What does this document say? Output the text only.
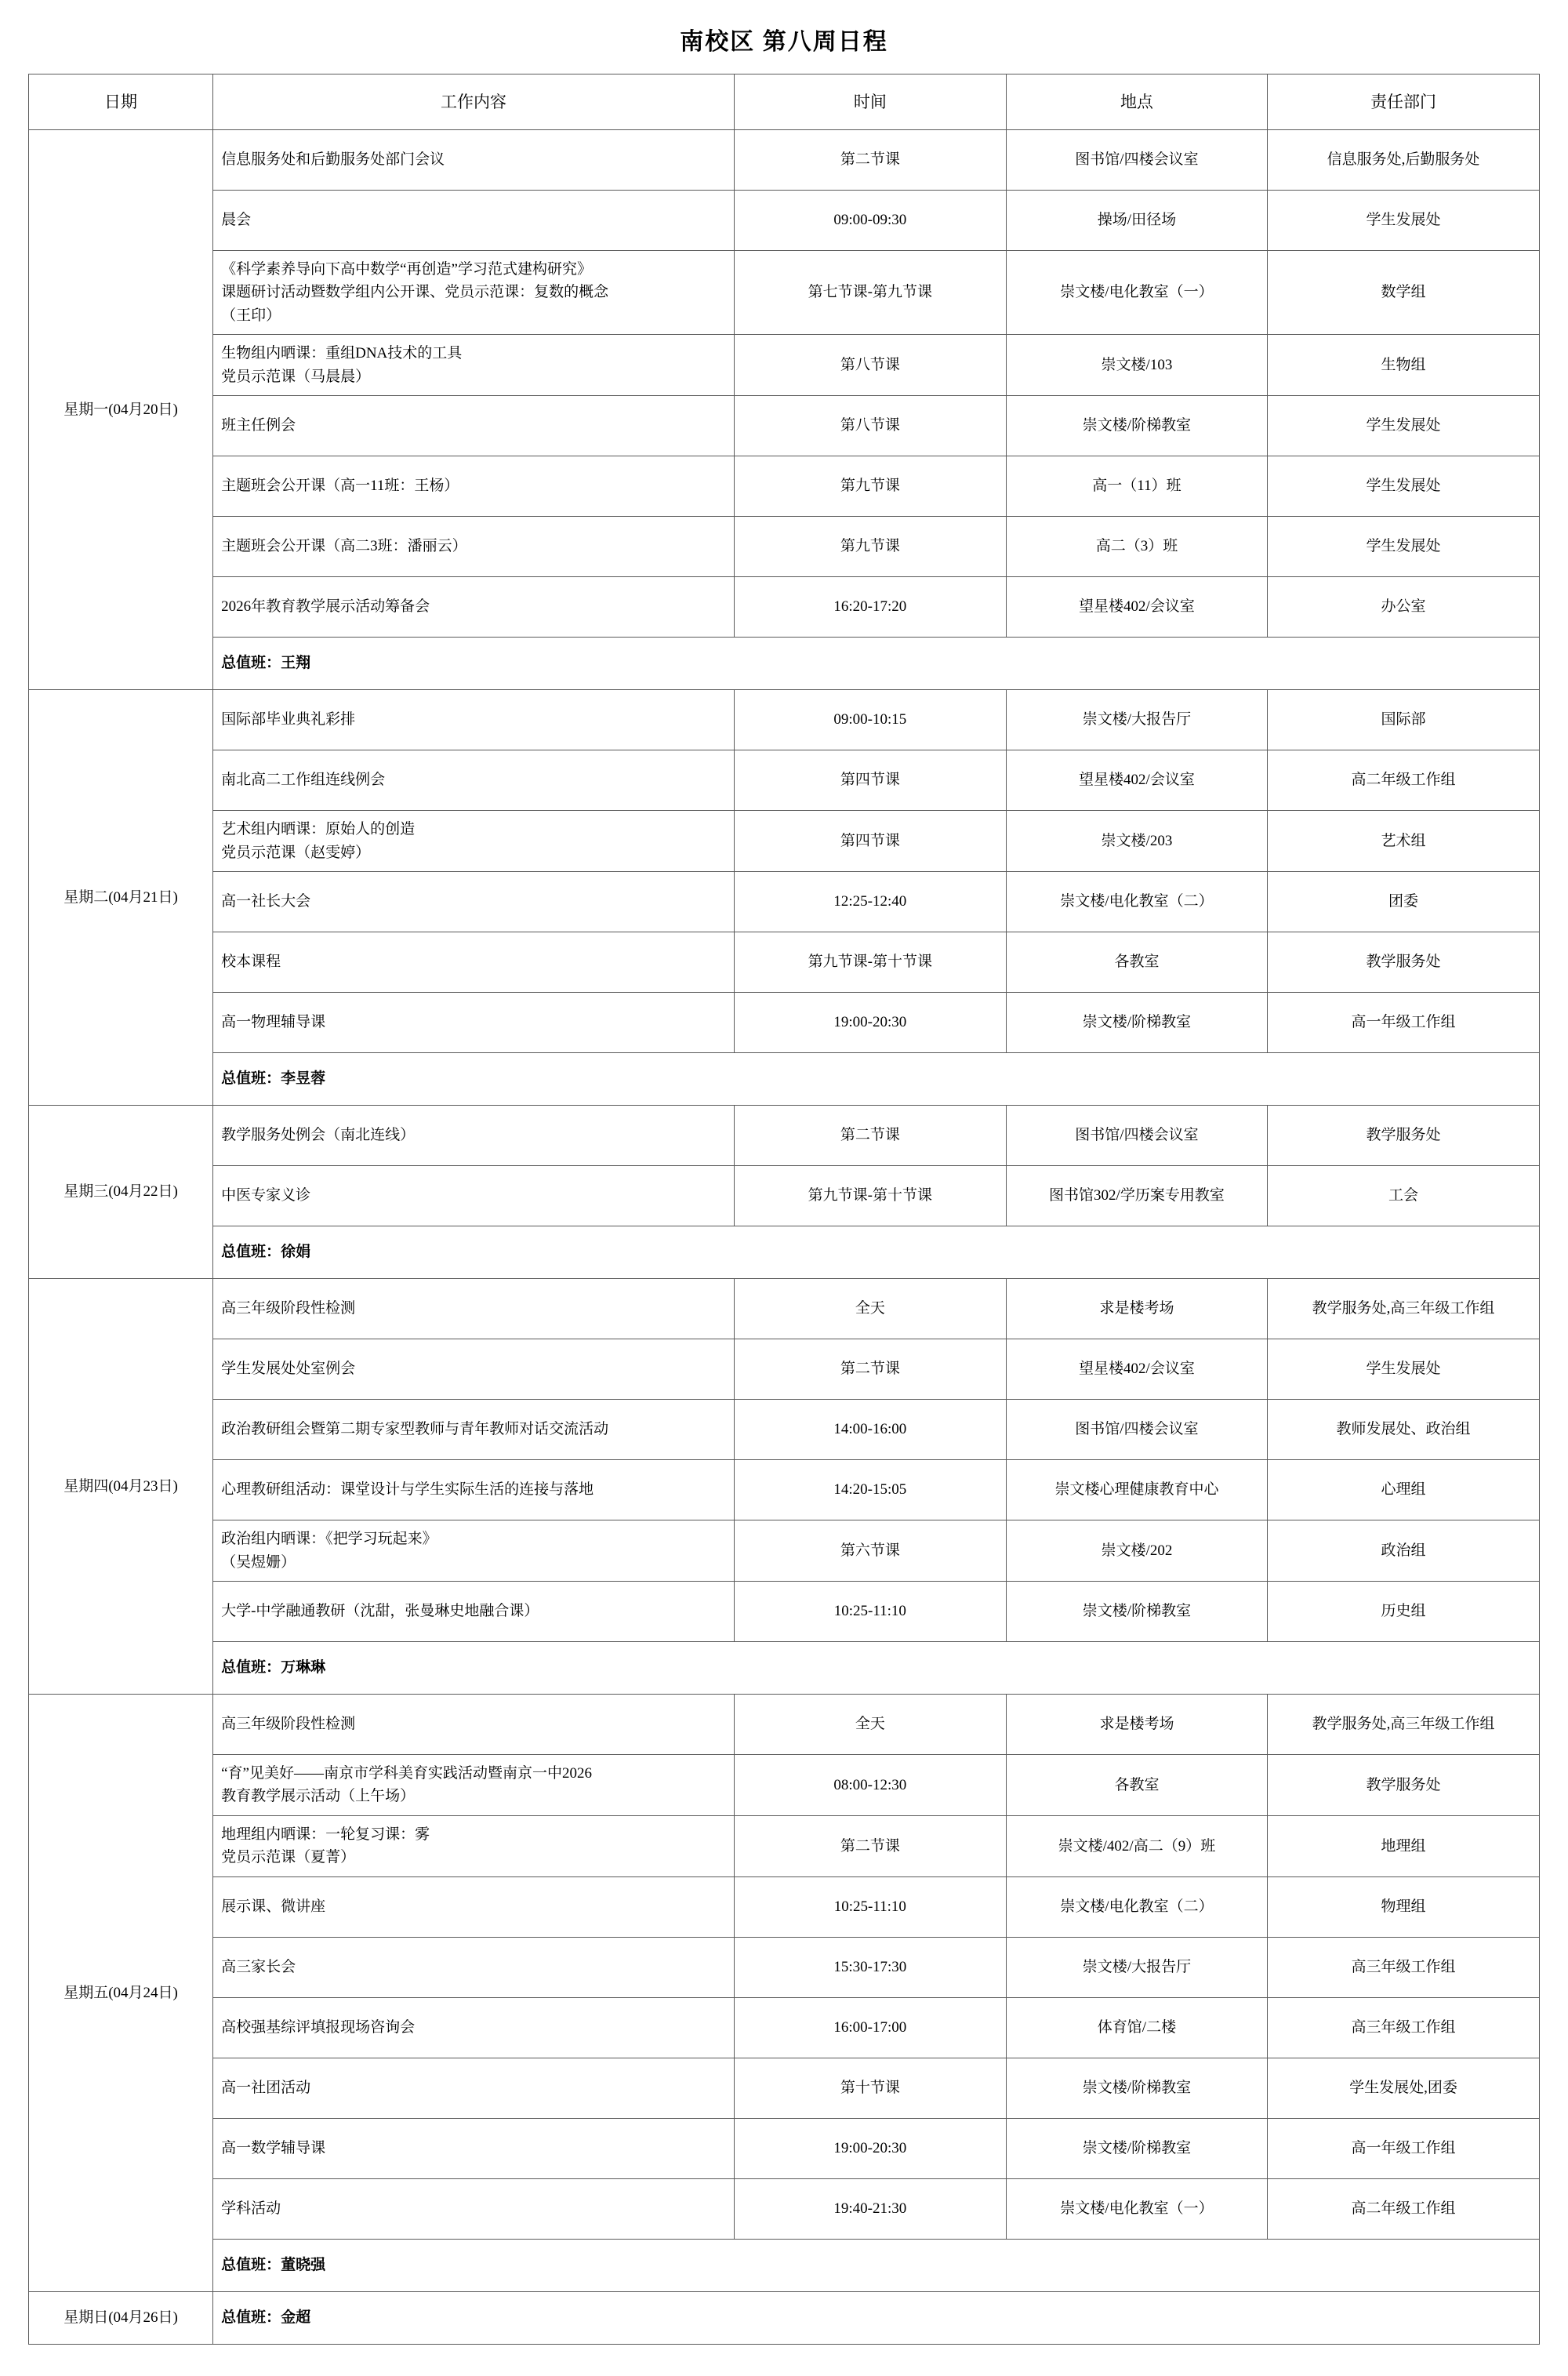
南校区 第八周日程
日期	工作内容	时间	地点	责任部门
星期一(04月20日)	信息服务处和后勤服务处部门会议	第二节课	图书馆/四楼会议室	信息服务处,后勤服务处

	晨会	09:00-09:30	操场/田径场	学生发展处

	《科学素养导向下高中数学“再创造”学习范式建构研究》
课题研讨活动暨数学组内公开课、党员示范课：复数的概念
（王印）	第七节课-第九节课	崇文楼/电化教室（一）	数学组

	生物组内晒课：重组DNA技术的工具
党员示范课（马晨晨）	第八节课	崇文楼/103	生物组

	班主任例会	第八节课	崇文楼/阶梯教室	学生发展处

	主题班会公开课（高一11班：王杨）	第九节课	高一（11）班	学生发展处

	主题班会公开课（高二3班：潘丽云）	第九节课	高二（3）班	学生发展处

	2026年教育教学展示活动筹备会	16:20-17:20	望星楼402/会议室	办公室
	总值班：王翔			
星期二(04月21日)	国际部毕业典礼彩排	09:00-10:15	崇文楼/大报告厅	国际部

	南北高二工作组连线例会	第四节课	望星楼402/会议室	高二年级工作组

	艺术组内晒课：原始人的创造
党员示范课（赵雯婷）	第四节课	崇文楼/203	艺术组

	高一社长大会	12:25-12:40	崇文楼/电化教室（二）	团委

	校本课程	第九节课-第十节课	各教室	教学服务处

	高一物理辅导课	19:00-20:30	崇文楼/阶梯教室	高一年级工作组
	总值班：李昱蓉			
星期三(04月22日)	教学服务处例会（南北连线）	第二节课	图书馆/四楼会议室	教学服务处

	中医专家义诊	第九节课-第十节课	图书馆302/学历案专用教室	工会
	总值班：徐娟			
星期四(04月23日)	高三年级阶段性检测	全天	求是楼考场	教学服务处,高三年级工作组

	学生发展处处室例会	第二节课	望星楼402/会议室	学生发展处

	政治教研组会暨第二期专家型教师与青年教师对话交流活动	14:00-16:00	图书馆/四楼会议室	教师发展处、政治组

	心理教研组活动：课堂设计与学生实际生活的连接与落地	14:20-15:05	崇文楼心理健康教育中心	心理组

	政治组内晒课：《把学习玩起来》
（吴煜姗）	第六节课	崇文楼/202	政治组

	大学-中学融通教研（沈甜，张曼琳史地融合课）	10:25-11:10	崇文楼/阶梯教室	历史组
	总值班：万琳琳			
星期五(04月24日)	高三年级阶段性检测	全天	求是楼考场	教学服务处,高三年级工作组

	“育”见美好——南京市学科美育实践活动暨南京一中2026
教育教学展示活动（上午场）	08:00-12:30	各教室	教学服务处

	地理组内晒课：一轮复习课：雾
党员示范课（夏菁）	第二节课	崇文楼/402/高二（9）班	地理组

	展示课、微讲座	10:25-11:10	崇文楼/电化教室（二）	物理组

	高三家长会	15:30-17:30	崇文楼/大报告厅	高三年级工作组

	高校强基综评填报现场咨询会	16:00-17:00	体育馆/二楼	高三年级工作组

	高一社团活动	第十节课	崇文楼/阶梯教室	学生发展处,团委

	高一数学辅导课	19:00-20:30	崇文楼/阶梯教室	高一年级工作组

	学科活动	19:40-21:30	崇文楼/电化教室（一）	高二年级工作组
	总值班：董晓强			
星期日(04月26日)	总值班：金超			
